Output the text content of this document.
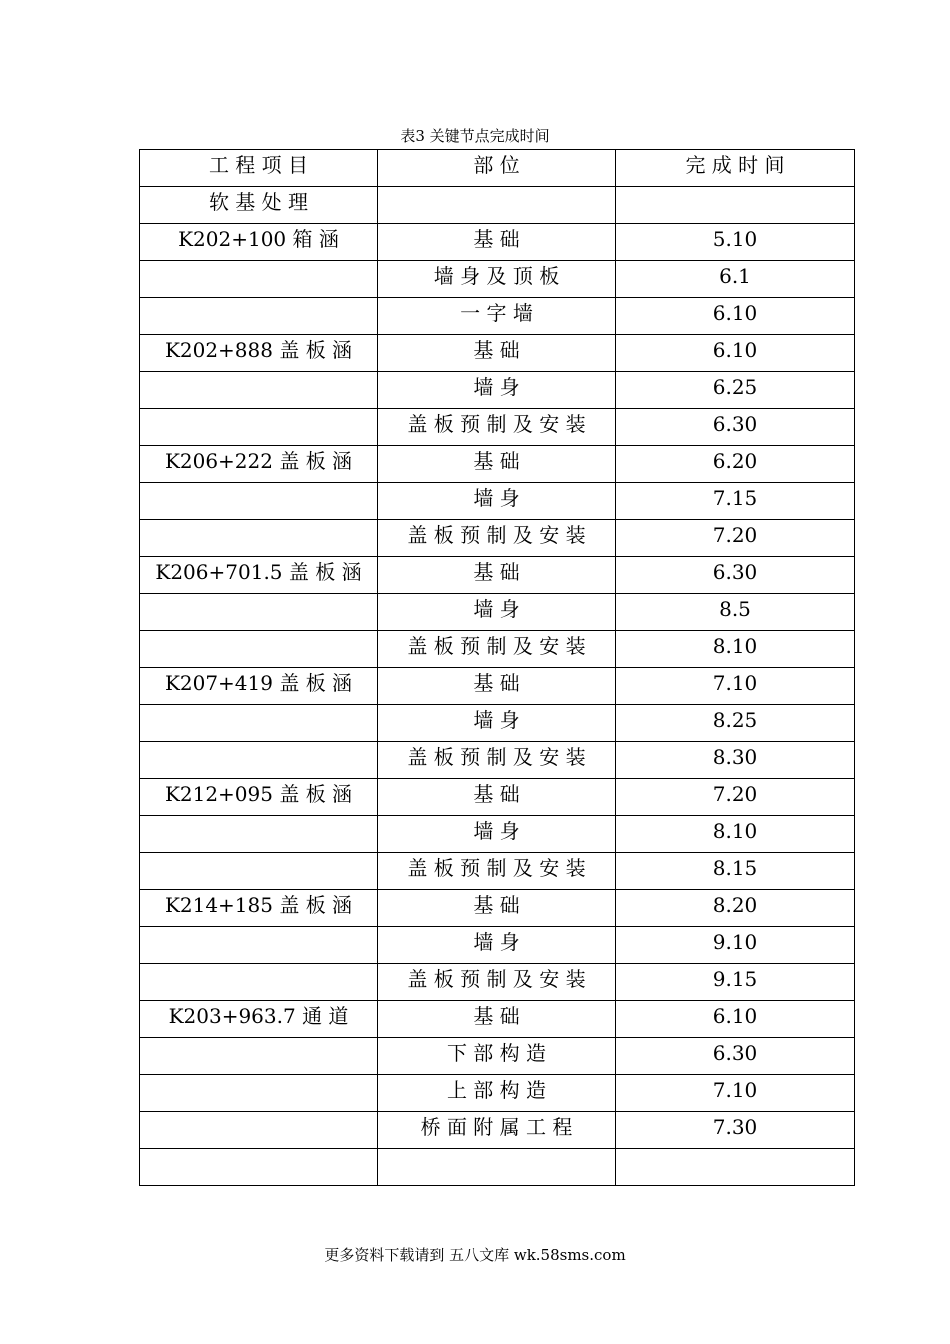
表3 关键节点完成时间
工 程 项 目	部 位	完 成 时 间

软 基 处 理		

K202+100 箱 涵	基 础	5.10

	墙 身 及 顶 板	6.1

	一 字 墙	6.10

K202+888 盖 板 涵	基 础	6.10

	墙 身	6.25

	盖 板 预 制 及 安 装	6.30

K206+222 盖 板 涵	基 础	6.20

	墙 身	7.15

	盖 板 预 制 及 安 装	7.20

K206+701.5 盖 板 涵	基 础	6.30

	墙 身	8.5

	盖 板 预 制 及 安 装	8.10

K207+419 盖 板 涵	基 础	7.10

	墙 身	8.25

	盖 板 预 制 及 安 装	8.30

K212+095 盖 板 涵	基 础	7.20

	墙 身	8.10

	盖 板 预 制 及 安 装	8.15

K214+185 盖 板 涵	基 础	8.20

	墙 身	9.10

	盖 板 预 制 及 安 装	9.15

K203+963.7 通 道	基 础	6.10

	下 部 构 造	6.30

	上 部 构 造	7.10

	桥 面 附 属 工 程	7.30

更多资料下载请到 五八文库 wk.58sms.com
